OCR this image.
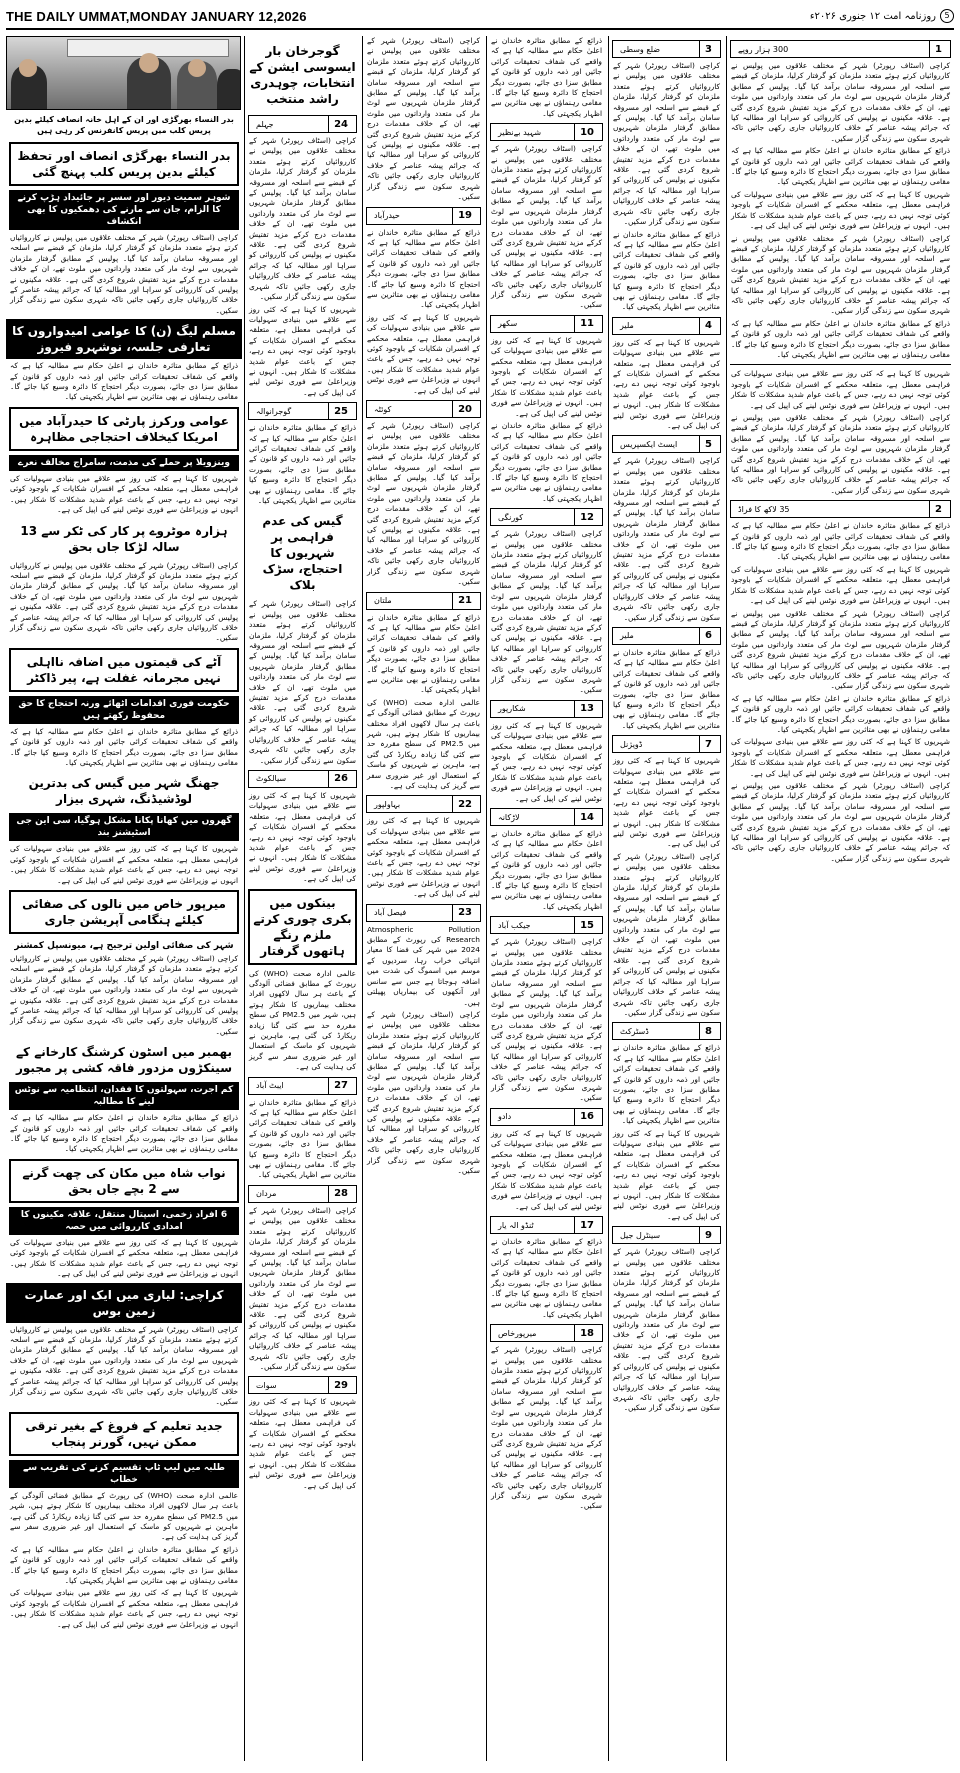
THE DAILY UMMAT,MONDAY JANUARY 12,2026	5
روزنامہ امت ۱۲ جنوری ۲۰۲۶ء
بدر النساء بھرگڑی اور ان کے اہل خانہ انصاف کیلئے بدین پریس کلب میں پریس کانفرنس کر رہی ہیں
بدر النساء بھرگڑی انصاف اور تحفظ کیلئے بدین پریس کلب پہنچ گئی
شوہر سمیت دیور اور سسر پر جائیداد ہڑپ کرنے کا الزام، جان سے مارنے کی دھمکیوں کا بھی انکشاف

کراچی (اسٹاف رپورٹر) شہر کے مختلف علاقوں میں پولیس نے کارروائیاں کرتے ہوئے متعدد ملزمان کو گرفتار کرلیا، ملزمان کے قبضے سے اسلحہ اور مسروقہ سامان برآمد کیا گیا۔ پولیس کے مطابق گرفتار ملزمان شہریوں سے لوٹ مار کی متعدد وارداتوں میں ملوث تھے، ان کے خلاف مقدمات درج کرکے مزید تفتیش شروع کردی گئی ہے۔ علاقہ مکینوں نے پولیس کی کارروائی کو سراہا اور مطالبہ کیا کہ جرائم پیشہ عناصر کے خلاف کارروائیاں جاری رکھی جائیں تاکہ شہری سکون سے زندگی گزار سکیں۔

مسلم لیگ (ن) کا عوامی امیدواروں کا تعارفی جلسہ، نوشہرو فیروز

ذرائع کے مطابق متاثرہ خاندان نے اعلیٰ حکام سے مطالبہ کیا ہے کہ واقعے کی شفاف تحقیقات کرائی جائیں اور ذمہ داروں کو قانون کے مطابق سزا دی جائے، بصورت دیگر احتجاج کا دائرہ وسیع کیا جائے گا۔ مقامی رہنماؤں نے بھی متاثرین سے اظہار یکجہتی کیا۔

عوامی ورکرز پارٹی کا حیدرآباد میں امریکا کیخلاف احتجاجی مظاہرہ
وینزویلا پر حملے کی مذمت، سامراج مخالف نعرے

شہریوں کا کہنا ہے کہ کئی روز سے علاقے میں بنیادی سہولیات کی فراہمی معطل ہے، متعلقہ محکمے کے افسران شکایات کے باوجود کوئی توجہ نہیں دے رہے، جس کے باعث عوام شدید مشکلات کا شکار ہیں۔ انہوں نے وزیراعلیٰ سے فوری نوٹس لینے کی اپیل کی ہے۔

ہزارہ موٹروے پر کار کی ٹکر سے 13 سالہ لڑکا جاں بحق

کراچی (اسٹاف رپورٹر) شہر کے مختلف علاقوں میں پولیس نے کارروائیاں کرتے ہوئے متعدد ملزمان کو گرفتار کرلیا، ملزمان کے قبضے سے اسلحہ اور مسروقہ سامان برآمد کیا گیا۔ پولیس کے مطابق گرفتار ملزمان شہریوں سے لوٹ مار کی متعدد وارداتوں میں ملوث تھے، ان کے خلاف مقدمات درج کرکے مزید تفتیش شروع کردی گئی ہے۔ علاقہ مکینوں نے پولیس کی کارروائی کو سراہا اور مطالبہ کیا کہ جرائم پیشہ عناصر کے خلاف کارروائیاں جاری رکھی جائیں تاکہ شہری سکون سے زندگی گزار سکیں۔

آٹے کی قیمتوں میں اضافہ نااہلی نہیں مجرمانہ غفلت ہے، پیر ڈاکٹر
حکومت فوری اقدامات اٹھائے ورنہ احتجاج کا حق محفوظ رکھتے ہیں

ذرائع کے مطابق متاثرہ خاندان نے اعلیٰ حکام سے مطالبہ کیا ہے کہ واقعے کی شفاف تحقیقات کرائی جائیں اور ذمہ داروں کو قانون کے مطابق سزا دی جائے، بصورت دیگر احتجاج کا دائرہ وسیع کیا جائے گا۔ مقامی رہنماؤں نے بھی متاثرین سے اظہار یکجہتی کیا۔

جھنگ شہر میں گیس کی بدترین لوڈشیڈنگ، شہری بیزار
گھروں میں کھانا پکانا مشکل ہوگیا، سی این جی اسٹیشنز بند

شہریوں کا کہنا ہے کہ کئی روز سے علاقے میں بنیادی سہولیات کی فراہمی معطل ہے، متعلقہ محکمے کے افسران شکایات کے باوجود کوئی توجہ نہیں دے رہے، جس کے باعث عوام شدید مشکلات کا شکار ہیں۔ انہوں نے وزیراعلیٰ سے فوری نوٹس لینے کی اپیل کی ہے۔

میرپور خاص میں نالوں کی صفائی کیلئے ہنگامی آپریشن جاری
شہر کی صفائی اولین ترجیح ہے، میونسپل کمشنر

کراچی (اسٹاف رپورٹر) شہر کے مختلف علاقوں میں پولیس نے کارروائیاں کرتے ہوئے متعدد ملزمان کو گرفتار کرلیا، ملزمان کے قبضے سے اسلحہ اور مسروقہ سامان برآمد کیا گیا۔ پولیس کے مطابق گرفتار ملزمان شہریوں سے لوٹ مار کی متعدد وارداتوں میں ملوث تھے، ان کے خلاف مقدمات درج کرکے مزید تفتیش شروع کردی گئی ہے۔ علاقہ مکینوں نے پولیس کی کارروائی کو سراہا اور مطالبہ کیا کہ جرائم پیشہ عناصر کے خلاف کارروائیاں جاری رکھی جائیں تاکہ شہری سکون سے زندگی گزار سکیں۔

بھمبر میں اسٹون کرشنگ کارخانے کے سینکڑوں مزدور فاقہ کشی پر مجبور
کم اجرت، سہولتوں کا فقدان، انتظامیہ سے نوٹس لینے کا مطالبہ

ذرائع کے مطابق متاثرہ خاندان نے اعلیٰ حکام سے مطالبہ کیا ہے کہ واقعے کی شفاف تحقیقات کرائی جائیں اور ذمہ داروں کو قانون کے مطابق سزا دی جائے، بصورت دیگر احتجاج کا دائرہ وسیع کیا جائے گا۔ مقامی رہنماؤں نے بھی متاثرین سے اظہار یکجہتی کیا۔

نواب شاہ میں مکان کی چھت گرنے سے 2 بچے جاں بحق
6 افراد زخمی، اسپتال منتقل، علاقہ مکینوں کا امدادی کارروائی میں حصہ

شہریوں کا کہنا ہے کہ کئی روز سے علاقے میں بنیادی سہولیات کی فراہمی معطل ہے، متعلقہ محکمے کے افسران شکایات کے باوجود کوئی توجہ نہیں دے رہے، جس کے باعث عوام شدید مشکلات کا شکار ہیں۔ انہوں نے وزیراعلیٰ سے فوری نوٹس لینے کی اپیل کی ہے۔

کراچی: لیاری میں ایک اور عمارت زمین بوس

کراچی (اسٹاف رپورٹر) شہر کے مختلف علاقوں میں پولیس نے کارروائیاں کرتے ہوئے متعدد ملزمان کو گرفتار کرلیا، ملزمان کے قبضے سے اسلحہ اور مسروقہ سامان برآمد کیا گیا۔ پولیس کے مطابق گرفتار ملزمان شہریوں سے لوٹ مار کی متعدد وارداتوں میں ملوث تھے، ان کے خلاف مقدمات درج کرکے مزید تفتیش شروع کردی گئی ہے۔ علاقہ مکینوں نے پولیس کی کارروائی کو سراہا اور مطالبہ کیا کہ جرائم پیشہ عناصر کے خلاف کارروائیاں جاری رکھی جائیں تاکہ شہری سکون سے زندگی گزار سکیں۔

جدید تعلیم کے فروغ کے بغیر ترقی ممکن نہیں، گورنر پنجاب
طلبہ میں لیپ ٹاپ تقسیم کرنے کی تقریب سے خطاب

عالمی ادارہ صحت (WHO) کی رپورٹ کے مطابق فضائی آلودگی کے باعث ہر سال لاکھوں افراد مختلف بیماریوں کا شکار ہوتے ہیں، شہر میں PM2.5 کی سطح مقررہ حد سے کئی گنا زیادہ ریکارڈ کی گئی ہے، ماہرین نے شہریوں کو ماسک کے استعمال اور غیر ضروری سفر سے گریز کی ہدایت کی ہے۔

ذرائع کے مطابق متاثرہ خاندان نے اعلیٰ حکام سے مطالبہ کیا ہے کہ واقعے کی شفاف تحقیقات کرائی جائیں اور ذمہ داروں کو قانون کے مطابق سزا دی جائے، بصورت دیگر احتجاج کا دائرہ وسیع کیا جائے گا۔ مقامی رہنماؤں نے بھی متاثرین سے اظہار یکجہتی کیا۔

شہریوں کا کہنا ہے کہ کئی روز سے علاقے میں بنیادی سہولیات کی فراہمی معطل ہے، متعلقہ محکمے کے افسران شکایات کے باوجود کوئی توجہ نہیں دے رہے، جس کے باعث عوام شدید مشکلات کا شکار ہیں۔ انہوں نے وزیراعلیٰ سے فوری نوٹس لینے کی اپیل کی ہے۔

گوجرخان بار ایسوسی ایشن کے انتخابات، چوہدری راشد منتخب
24
جہلم

کراچی (اسٹاف رپورٹر) شہر کے مختلف علاقوں میں پولیس نے کارروائیاں کرتے ہوئے متعدد ملزمان کو گرفتار کرلیا، ملزمان کے قبضے سے اسلحہ اور مسروقہ سامان برآمد کیا گیا۔ پولیس کے مطابق گرفتار ملزمان شہریوں سے لوٹ مار کی متعدد وارداتوں میں ملوث تھے، ان کے خلاف مقدمات درج کرکے مزید تفتیش شروع کردی گئی ہے۔ علاقہ مکینوں نے پولیس کی کارروائی کو سراہا اور مطالبہ کیا کہ جرائم پیشہ عناصر کے خلاف کارروائیاں جاری رکھی جائیں تاکہ شہری سکون سے زندگی گزار سکیں۔

شہریوں کا کہنا ہے کہ کئی روز سے علاقے میں بنیادی سہولیات کی فراہمی معطل ہے، متعلقہ محکمے کے افسران شکایات کے باوجود کوئی توجہ نہیں دے رہے، جس کے باعث عوام شدید مشکلات کا شکار ہیں۔ انہوں نے وزیراعلیٰ سے فوری نوٹس لینے کی اپیل کی ہے۔

25
گوجرانوالہ

ذرائع کے مطابق متاثرہ خاندان نے اعلیٰ حکام سے مطالبہ کیا ہے کہ واقعے کی شفاف تحقیقات کرائی جائیں اور ذمہ داروں کو قانون کے مطابق سزا دی جائے، بصورت دیگر احتجاج کا دائرہ وسیع کیا جائے گا۔ مقامی رہنماؤں نے بھی متاثرین سے اظہار یکجہتی کیا۔

گیس کی عدم فراہمی پر شہریوں کا احتجاج، سڑک بلاک

کراچی (اسٹاف رپورٹر) شہر کے مختلف علاقوں میں پولیس نے کارروائیاں کرتے ہوئے متعدد ملزمان کو گرفتار کرلیا، ملزمان کے قبضے سے اسلحہ اور مسروقہ سامان برآمد کیا گیا۔ پولیس کے مطابق گرفتار ملزمان شہریوں سے لوٹ مار کی متعدد وارداتوں میں ملوث تھے، ان کے خلاف مقدمات درج کرکے مزید تفتیش شروع کردی گئی ہے۔ علاقہ مکینوں نے پولیس کی کارروائی کو سراہا اور مطالبہ کیا کہ جرائم پیشہ عناصر کے خلاف کارروائیاں جاری رکھی جائیں تاکہ شہری سکون سے زندگی گزار سکیں۔

26
سیالکوٹ

شہریوں کا کہنا ہے کہ کئی روز سے علاقے میں بنیادی سہولیات کی فراہمی معطل ہے، متعلقہ محکمے کے افسران شکایات کے باوجود کوئی توجہ نہیں دے رہے، جس کے باعث عوام شدید مشکلات کا شکار ہیں۔ انہوں نے وزیراعلیٰ سے فوری نوٹس لینے کی اپیل کی ہے۔

بینکوں میں بکری چوری کرتے ملزم رنگے ہاتھوں گرفتار

عالمی ادارہ صحت (WHO) کی رپورٹ کے مطابق فضائی آلودگی کے باعث ہر سال لاکھوں افراد مختلف بیماریوں کا شکار ہوتے ہیں، شہر میں PM2.5 کی سطح مقررہ حد سے کئی گنا زیادہ ریکارڈ کی گئی ہے، ماہرین نے شہریوں کو ماسک کے استعمال اور غیر ضروری سفر سے گریز کی ہدایت کی ہے۔

27
ایبٹ آباد

ذرائع کے مطابق متاثرہ خاندان نے اعلیٰ حکام سے مطالبہ کیا ہے کہ واقعے کی شفاف تحقیقات کرائی جائیں اور ذمہ داروں کو قانون کے مطابق سزا دی جائے، بصورت دیگر احتجاج کا دائرہ وسیع کیا جائے گا۔ مقامی رہنماؤں نے بھی متاثرین سے اظہار یکجہتی کیا۔

28
مردان

کراچی (اسٹاف رپورٹر) شہر کے مختلف علاقوں میں پولیس نے کارروائیاں کرتے ہوئے متعدد ملزمان کو گرفتار کرلیا، ملزمان کے قبضے سے اسلحہ اور مسروقہ سامان برآمد کیا گیا۔ پولیس کے مطابق گرفتار ملزمان شہریوں سے لوٹ مار کی متعدد وارداتوں میں ملوث تھے، ان کے خلاف مقدمات درج کرکے مزید تفتیش شروع کردی گئی ہے۔ علاقہ مکینوں نے پولیس کی کارروائی کو سراہا اور مطالبہ کیا کہ جرائم پیشہ عناصر کے خلاف کارروائیاں جاری رکھی جائیں تاکہ شہری سکون سے زندگی گزار سکیں۔

29
سوات

شہریوں کا کہنا ہے کہ کئی روز سے علاقے میں بنیادی سہولیات کی فراہمی معطل ہے، متعلقہ محکمے کے افسران شکایات کے باوجود کوئی توجہ نہیں دے رہے، جس کے باعث عوام شدید مشکلات کا شکار ہیں۔ انہوں نے وزیراعلیٰ سے فوری نوٹس لینے کی اپیل کی ہے۔

کراچی (اسٹاف رپورٹر) شہر کے مختلف علاقوں میں پولیس نے کارروائیاں کرتے ہوئے متعدد ملزمان کو گرفتار کرلیا، ملزمان کے قبضے سے اسلحہ اور مسروقہ سامان برآمد کیا گیا۔ پولیس کے مطابق گرفتار ملزمان شہریوں سے لوٹ مار کی متعدد وارداتوں میں ملوث تھے، ان کے خلاف مقدمات درج کرکے مزید تفتیش شروع کردی گئی ہے۔ علاقہ مکینوں نے پولیس کی کارروائی کو سراہا اور مطالبہ کیا کہ جرائم پیشہ عناصر کے خلاف کارروائیاں جاری رکھی جائیں تاکہ شہری سکون سے زندگی گزار سکیں۔

19
حیدرآباد

ذرائع کے مطابق متاثرہ خاندان نے اعلیٰ حکام سے مطالبہ کیا ہے کہ واقعے کی شفاف تحقیقات کرائی جائیں اور ذمہ داروں کو قانون کے مطابق سزا دی جائے، بصورت دیگر احتجاج کا دائرہ وسیع کیا جائے گا۔ مقامی رہنماؤں نے بھی متاثرین سے اظہار یکجہتی کیا۔

شہریوں کا کہنا ہے کہ کئی روز سے علاقے میں بنیادی سہولیات کی فراہمی معطل ہے، متعلقہ محکمے کے افسران شکایات کے باوجود کوئی توجہ نہیں دے رہے، جس کے باعث عوام شدید مشکلات کا شکار ہیں۔ انہوں نے وزیراعلیٰ سے فوری نوٹس لینے کی اپیل کی ہے۔

20
کوئٹہ

کراچی (اسٹاف رپورٹر) شہر کے مختلف علاقوں میں پولیس نے کارروائیاں کرتے ہوئے متعدد ملزمان کو گرفتار کرلیا، ملزمان کے قبضے سے اسلحہ اور مسروقہ سامان برآمد کیا گیا۔ پولیس کے مطابق گرفتار ملزمان شہریوں سے لوٹ مار کی متعدد وارداتوں میں ملوث تھے، ان کے خلاف مقدمات درج کرکے مزید تفتیش شروع کردی گئی ہے۔ علاقہ مکینوں نے پولیس کی کارروائی کو سراہا اور مطالبہ کیا کہ جرائم پیشہ عناصر کے خلاف کارروائیاں جاری رکھی جائیں تاکہ شہری سکون سے زندگی گزار سکیں۔

21
ملتان

ذرائع کے مطابق متاثرہ خاندان نے اعلیٰ حکام سے مطالبہ کیا ہے کہ واقعے کی شفاف تحقیقات کرائی جائیں اور ذمہ داروں کو قانون کے مطابق سزا دی جائے، بصورت دیگر احتجاج کا دائرہ وسیع کیا جائے گا۔ مقامی رہنماؤں نے بھی متاثرین سے اظہار یکجہتی کیا۔

عالمی ادارہ صحت (WHO) کی رپورٹ کے مطابق فضائی آلودگی کے باعث ہر سال لاکھوں افراد مختلف بیماریوں کا شکار ہوتے ہیں، شہر میں PM2.5 کی سطح مقررہ حد سے کئی گنا زیادہ ریکارڈ کی گئی ہے، ماہرین نے شہریوں کو ماسک کے استعمال اور غیر ضروری سفر سے گریز کی ہدایت کی ہے۔

22
بہاولپور

شہریوں کا کہنا ہے کہ کئی روز سے علاقے میں بنیادی سہولیات کی فراہمی معطل ہے، متعلقہ محکمے کے افسران شکایات کے باوجود کوئی توجہ نہیں دے رہے، جس کے باعث عوام شدید مشکلات کا شکار ہیں۔ انہوں نے وزیراعلیٰ سے فوری نوٹس لینے کی اپیل کی ہے۔

23
فیصل آباد

Atmospheric Pollution Research کی رپورٹ کے مطابق 2024 میں شہر کی فضا کا معیار انتہائی خراب رہا، سردیوں کے موسم میں اسموگ کی شدت میں اضافہ ہوجاتا ہے جس سے سانس اور آنکھوں کی بیماریاں پھیلتی ہیں۔

کراچی (اسٹاف رپورٹر) شہر کے مختلف علاقوں میں پولیس نے کارروائیاں کرتے ہوئے متعدد ملزمان کو گرفتار کرلیا، ملزمان کے قبضے سے اسلحہ اور مسروقہ سامان برآمد کیا گیا۔ پولیس کے مطابق گرفتار ملزمان شہریوں سے لوٹ مار کی متعدد وارداتوں میں ملوث تھے، ان کے خلاف مقدمات درج کرکے مزید تفتیش شروع کردی گئی ہے۔ علاقہ مکینوں نے پولیس کی کارروائی کو سراہا اور مطالبہ کیا کہ جرائم پیشہ عناصر کے خلاف کارروائیاں جاری رکھی جائیں تاکہ شہری سکون سے زندگی گزار سکیں۔

ذرائع کے مطابق متاثرہ خاندان نے اعلیٰ حکام سے مطالبہ کیا ہے کہ واقعے کی شفاف تحقیقات کرائی جائیں اور ذمہ داروں کو قانون کے مطابق سزا دی جائے، بصورت دیگر احتجاج کا دائرہ وسیع کیا جائے گا۔ مقامی رہنماؤں نے بھی متاثرین سے اظہار یکجہتی کیا۔

10
شہید بےنظیر

کراچی (اسٹاف رپورٹر) شہر کے مختلف علاقوں میں پولیس نے کارروائیاں کرتے ہوئے متعدد ملزمان کو گرفتار کرلیا، ملزمان کے قبضے سے اسلحہ اور مسروقہ سامان برآمد کیا گیا۔ پولیس کے مطابق گرفتار ملزمان شہریوں سے لوٹ مار کی متعدد وارداتوں میں ملوث تھے، ان کے خلاف مقدمات درج کرکے مزید تفتیش شروع کردی گئی ہے۔ علاقہ مکینوں نے پولیس کی کارروائی کو سراہا اور مطالبہ کیا کہ جرائم پیشہ عناصر کے خلاف کارروائیاں جاری رکھی جائیں تاکہ شہری سکون سے زندگی گزار سکیں۔

11
سکھر

شہریوں کا کہنا ہے کہ کئی روز سے علاقے میں بنیادی سہولیات کی فراہمی معطل ہے، متعلقہ محکمے کے افسران شکایات کے باوجود کوئی توجہ نہیں دے رہے، جس کے باعث عوام شدید مشکلات کا شکار ہیں۔ انہوں نے وزیراعلیٰ سے فوری نوٹس لینے کی اپیل کی ہے۔

ذرائع کے مطابق متاثرہ خاندان نے اعلیٰ حکام سے مطالبہ کیا ہے کہ واقعے کی شفاف تحقیقات کرائی جائیں اور ذمہ داروں کو قانون کے مطابق سزا دی جائے، بصورت دیگر احتجاج کا دائرہ وسیع کیا جائے گا۔ مقامی رہنماؤں نے بھی متاثرین سے اظہار یکجہتی کیا۔

12
کورنگی

کراچی (اسٹاف رپورٹر) شہر کے مختلف علاقوں میں پولیس نے کارروائیاں کرتے ہوئے متعدد ملزمان کو گرفتار کرلیا، ملزمان کے قبضے سے اسلحہ اور مسروقہ سامان برآمد کیا گیا۔ پولیس کے مطابق گرفتار ملزمان شہریوں سے لوٹ مار کی متعدد وارداتوں میں ملوث تھے، ان کے خلاف مقدمات درج کرکے مزید تفتیش شروع کردی گئی ہے۔ علاقہ مکینوں نے پولیس کی کارروائی کو سراہا اور مطالبہ کیا کہ جرائم پیشہ عناصر کے خلاف کارروائیاں جاری رکھی جائیں تاکہ شہری سکون سے زندگی گزار سکیں۔

13
شکارپور

شہریوں کا کہنا ہے کہ کئی روز سے علاقے میں بنیادی سہولیات کی فراہمی معطل ہے، متعلقہ محکمے کے افسران شکایات کے باوجود کوئی توجہ نہیں دے رہے، جس کے باعث عوام شدید مشکلات کا شکار ہیں۔ انہوں نے وزیراعلیٰ سے فوری نوٹس لینے کی اپیل کی ہے۔

14
لاڑکانہ

ذرائع کے مطابق متاثرہ خاندان نے اعلیٰ حکام سے مطالبہ کیا ہے کہ واقعے کی شفاف تحقیقات کرائی جائیں اور ذمہ داروں کو قانون کے مطابق سزا دی جائے، بصورت دیگر احتجاج کا دائرہ وسیع کیا جائے گا۔ مقامی رہنماؤں نے بھی متاثرین سے اظہار یکجہتی کیا۔

15
جیکب آباد

کراچی (اسٹاف رپورٹر) شہر کے مختلف علاقوں میں پولیس نے کارروائیاں کرتے ہوئے متعدد ملزمان کو گرفتار کرلیا، ملزمان کے قبضے سے اسلحہ اور مسروقہ سامان برآمد کیا گیا۔ پولیس کے مطابق گرفتار ملزمان شہریوں سے لوٹ مار کی متعدد وارداتوں میں ملوث تھے، ان کے خلاف مقدمات درج کرکے مزید تفتیش شروع کردی گئی ہے۔ علاقہ مکینوں نے پولیس کی کارروائی کو سراہا اور مطالبہ کیا کہ جرائم پیشہ عناصر کے خلاف کارروائیاں جاری رکھی جائیں تاکہ شہری سکون سے زندگی گزار سکیں۔

16
دادو

شہریوں کا کہنا ہے کہ کئی روز سے علاقے میں بنیادی سہولیات کی فراہمی معطل ہے، متعلقہ محکمے کے افسران شکایات کے باوجود کوئی توجہ نہیں دے رہے، جس کے باعث عوام شدید مشکلات کا شکار ہیں۔ انہوں نے وزیراعلیٰ سے فوری نوٹس لینے کی اپیل کی ہے۔

17
ٹنڈو الہ یار

ذرائع کے مطابق متاثرہ خاندان نے اعلیٰ حکام سے مطالبہ کیا ہے کہ واقعے کی شفاف تحقیقات کرائی جائیں اور ذمہ داروں کو قانون کے مطابق سزا دی جائے، بصورت دیگر احتجاج کا دائرہ وسیع کیا جائے گا۔ مقامی رہنماؤں نے بھی متاثرین سے اظہار یکجہتی کیا۔

18
میرپورخاص

کراچی (اسٹاف رپورٹر) شہر کے مختلف علاقوں میں پولیس نے کارروائیاں کرتے ہوئے متعدد ملزمان کو گرفتار کرلیا، ملزمان کے قبضے سے اسلحہ اور مسروقہ سامان برآمد کیا گیا۔ پولیس کے مطابق گرفتار ملزمان شہریوں سے لوٹ مار کی متعدد وارداتوں میں ملوث تھے، ان کے خلاف مقدمات درج کرکے مزید تفتیش شروع کردی گئی ہے۔ علاقہ مکینوں نے پولیس کی کارروائی کو سراہا اور مطالبہ کیا کہ جرائم پیشہ عناصر کے خلاف کارروائیاں جاری رکھی جائیں تاکہ شہری سکون سے زندگی گزار سکیں۔

3
ضلع وسطی

کراچی (اسٹاف رپورٹر) شہر کے مختلف علاقوں میں پولیس نے کارروائیاں کرتے ہوئے متعدد ملزمان کو گرفتار کرلیا، ملزمان کے قبضے سے اسلحہ اور مسروقہ سامان برآمد کیا گیا۔ پولیس کے مطابق گرفتار ملزمان شہریوں سے لوٹ مار کی متعدد وارداتوں میں ملوث تھے، ان کے خلاف مقدمات درج کرکے مزید تفتیش شروع کردی گئی ہے۔ علاقہ مکینوں نے پولیس کی کارروائی کو سراہا اور مطالبہ کیا کہ جرائم پیشہ عناصر کے خلاف کارروائیاں جاری رکھی جائیں تاکہ شہری سکون سے زندگی گزار سکیں۔

ذرائع کے مطابق متاثرہ خاندان نے اعلیٰ حکام سے مطالبہ کیا ہے کہ واقعے کی شفاف تحقیقات کرائی جائیں اور ذمہ داروں کو قانون کے مطابق سزا دی جائے، بصورت دیگر احتجاج کا دائرہ وسیع کیا جائے گا۔ مقامی رہنماؤں نے بھی متاثرین سے اظہار یکجہتی کیا۔

4
ملیر

شہریوں کا کہنا ہے کہ کئی روز سے علاقے میں بنیادی سہولیات کی فراہمی معطل ہے، متعلقہ محکمے کے افسران شکایات کے باوجود کوئی توجہ نہیں دے رہے، جس کے باعث عوام شدید مشکلات کا شکار ہیں۔ انہوں نے وزیراعلیٰ سے فوری نوٹس لینے کی اپیل کی ہے۔

5
ایسٹ ایکسپریس

کراچی (اسٹاف رپورٹر) شہر کے مختلف علاقوں میں پولیس نے کارروائیاں کرتے ہوئے متعدد ملزمان کو گرفتار کرلیا، ملزمان کے قبضے سے اسلحہ اور مسروقہ سامان برآمد کیا گیا۔ پولیس کے مطابق گرفتار ملزمان شہریوں سے لوٹ مار کی متعدد وارداتوں میں ملوث تھے، ان کے خلاف مقدمات درج کرکے مزید تفتیش شروع کردی گئی ہے۔ علاقہ مکینوں نے پولیس کی کارروائی کو سراہا اور مطالبہ کیا کہ جرائم پیشہ عناصر کے خلاف کارروائیاں جاری رکھی جائیں تاکہ شہری سکون سے زندگی گزار سکیں۔

6
ملیر

ذرائع کے مطابق متاثرہ خاندان نے اعلیٰ حکام سے مطالبہ کیا ہے کہ واقعے کی شفاف تحقیقات کرائی جائیں اور ذمہ داروں کو قانون کے مطابق سزا دی جائے، بصورت دیگر احتجاج کا دائرہ وسیع کیا جائے گا۔ مقامی رہنماؤں نے بھی متاثرین سے اظہار یکجہتی کیا۔

7
ڈویژنل

شہریوں کا کہنا ہے کہ کئی روز سے علاقے میں بنیادی سہولیات کی فراہمی معطل ہے، متعلقہ محکمے کے افسران شکایات کے باوجود کوئی توجہ نہیں دے رہے، جس کے باعث عوام شدید مشکلات کا شکار ہیں۔ انہوں نے وزیراعلیٰ سے فوری نوٹس لینے کی اپیل کی ہے۔

کراچی (اسٹاف رپورٹر) شہر کے مختلف علاقوں میں پولیس نے کارروائیاں کرتے ہوئے متعدد ملزمان کو گرفتار کرلیا، ملزمان کے قبضے سے اسلحہ اور مسروقہ سامان برآمد کیا گیا۔ پولیس کے مطابق گرفتار ملزمان شہریوں سے لوٹ مار کی متعدد وارداتوں میں ملوث تھے، ان کے خلاف مقدمات درج کرکے مزید تفتیش شروع کردی گئی ہے۔ علاقہ مکینوں نے پولیس کی کارروائی کو سراہا اور مطالبہ کیا کہ جرائم پیشہ عناصر کے خلاف کارروائیاں جاری رکھی جائیں تاکہ شہری سکون سے زندگی گزار سکیں۔

8
ڈسٹرکٹ

ذرائع کے مطابق متاثرہ خاندان نے اعلیٰ حکام سے مطالبہ کیا ہے کہ واقعے کی شفاف تحقیقات کرائی جائیں اور ذمہ داروں کو قانون کے مطابق سزا دی جائے، بصورت دیگر احتجاج کا دائرہ وسیع کیا جائے گا۔ مقامی رہنماؤں نے بھی متاثرین سے اظہار یکجہتی کیا۔

شہریوں کا کہنا ہے کہ کئی روز سے علاقے میں بنیادی سہولیات کی فراہمی معطل ہے، متعلقہ محکمے کے افسران شکایات کے باوجود کوئی توجہ نہیں دے رہے، جس کے باعث عوام شدید مشکلات کا شکار ہیں۔ انہوں نے وزیراعلیٰ سے فوری نوٹس لینے کی اپیل کی ہے۔

9
سینٹرل جیل

کراچی (اسٹاف رپورٹر) شہر کے مختلف علاقوں میں پولیس نے کارروائیاں کرتے ہوئے متعدد ملزمان کو گرفتار کرلیا، ملزمان کے قبضے سے اسلحہ اور مسروقہ سامان برآمد کیا گیا۔ پولیس کے مطابق گرفتار ملزمان شہریوں سے لوٹ مار کی متعدد وارداتوں میں ملوث تھے، ان کے خلاف مقدمات درج کرکے مزید تفتیش شروع کردی گئی ہے۔ علاقہ مکینوں نے پولیس کی کارروائی کو سراہا اور مطالبہ کیا کہ جرائم پیشہ عناصر کے خلاف کارروائیاں جاری رکھی جائیں تاکہ شہری سکون سے زندگی گزار سکیں۔

1
300 ہزار روپے

کراچی (اسٹاف رپورٹر) شہر کے مختلف علاقوں میں پولیس نے کارروائیاں کرتے ہوئے متعدد ملزمان کو گرفتار کرلیا، ملزمان کے قبضے سے اسلحہ اور مسروقہ سامان برآمد کیا گیا۔ پولیس کے مطابق گرفتار ملزمان شہریوں سے لوٹ مار کی متعدد وارداتوں میں ملوث تھے، ان کے خلاف مقدمات درج کرکے مزید تفتیش شروع کردی گئی ہے۔ علاقہ مکینوں نے پولیس کی کارروائی کو سراہا اور مطالبہ کیا کہ جرائم پیشہ عناصر کے خلاف کارروائیاں جاری رکھی جائیں تاکہ شہری سکون سے زندگی گزار سکیں۔

ذرائع کے مطابق متاثرہ خاندان نے اعلیٰ حکام سے مطالبہ کیا ہے کہ واقعے کی شفاف تحقیقات کرائی جائیں اور ذمہ داروں کو قانون کے مطابق سزا دی جائے، بصورت دیگر احتجاج کا دائرہ وسیع کیا جائے گا۔ مقامی رہنماؤں نے بھی متاثرین سے اظہار یکجہتی کیا۔

شہریوں کا کہنا ہے کہ کئی روز سے علاقے میں بنیادی سہولیات کی فراہمی معطل ہے، متعلقہ محکمے کے افسران شکایات کے باوجود کوئی توجہ نہیں دے رہے، جس کے باعث عوام شدید مشکلات کا شکار ہیں۔ انہوں نے وزیراعلیٰ سے فوری نوٹس لینے کی اپیل کی ہے۔

کراچی (اسٹاف رپورٹر) شہر کے مختلف علاقوں میں پولیس نے کارروائیاں کرتے ہوئے متعدد ملزمان کو گرفتار کرلیا، ملزمان کے قبضے سے اسلحہ اور مسروقہ سامان برآمد کیا گیا۔ پولیس کے مطابق گرفتار ملزمان شہریوں سے لوٹ مار کی متعدد وارداتوں میں ملوث تھے، ان کے خلاف مقدمات درج کرکے مزید تفتیش شروع کردی گئی ہے۔ علاقہ مکینوں نے پولیس کی کارروائی کو سراہا اور مطالبہ کیا کہ جرائم پیشہ عناصر کے خلاف کارروائیاں جاری رکھی جائیں تاکہ شہری سکون سے زندگی گزار سکیں۔

ذرائع کے مطابق متاثرہ خاندان نے اعلیٰ حکام سے مطالبہ کیا ہے کہ واقعے کی شفاف تحقیقات کرائی جائیں اور ذمہ داروں کو قانون کے مطابق سزا دی جائے، بصورت دیگر احتجاج کا دائرہ وسیع کیا جائے گا۔ مقامی رہنماؤں نے بھی متاثرین سے اظہار یکجہتی کیا۔

شہریوں کا کہنا ہے کہ کئی روز سے علاقے میں بنیادی سہولیات کی فراہمی معطل ہے، متعلقہ محکمے کے افسران شکایات کے باوجود کوئی توجہ نہیں دے رہے، جس کے باعث عوام شدید مشکلات کا شکار ہیں۔ انہوں نے وزیراعلیٰ سے فوری نوٹس لینے کی اپیل کی ہے۔

کراچی (اسٹاف رپورٹر) شہر کے مختلف علاقوں میں پولیس نے کارروائیاں کرتے ہوئے متعدد ملزمان کو گرفتار کرلیا، ملزمان کے قبضے سے اسلحہ اور مسروقہ سامان برآمد کیا گیا۔ پولیس کے مطابق گرفتار ملزمان شہریوں سے لوٹ مار کی متعدد وارداتوں میں ملوث تھے، ان کے خلاف مقدمات درج کرکے مزید تفتیش شروع کردی گئی ہے۔ علاقہ مکینوں نے پولیس کی کارروائی کو سراہا اور مطالبہ کیا کہ جرائم پیشہ عناصر کے خلاف کارروائیاں جاری رکھی جائیں تاکہ شہری سکون سے زندگی گزار سکیں۔

2
35 لاکھ کا فراڈ

ذرائع کے مطابق متاثرہ خاندان نے اعلیٰ حکام سے مطالبہ کیا ہے کہ واقعے کی شفاف تحقیقات کرائی جائیں اور ذمہ داروں کو قانون کے مطابق سزا دی جائے، بصورت دیگر احتجاج کا دائرہ وسیع کیا جائے گا۔ مقامی رہنماؤں نے بھی متاثرین سے اظہار یکجہتی کیا۔

شہریوں کا کہنا ہے کہ کئی روز سے علاقے میں بنیادی سہولیات کی فراہمی معطل ہے، متعلقہ محکمے کے افسران شکایات کے باوجود کوئی توجہ نہیں دے رہے، جس کے باعث عوام شدید مشکلات کا شکار ہیں۔ انہوں نے وزیراعلیٰ سے فوری نوٹس لینے کی اپیل کی ہے۔

کراچی (اسٹاف رپورٹر) شہر کے مختلف علاقوں میں پولیس نے کارروائیاں کرتے ہوئے متعدد ملزمان کو گرفتار کرلیا، ملزمان کے قبضے سے اسلحہ اور مسروقہ سامان برآمد کیا گیا۔ پولیس کے مطابق گرفتار ملزمان شہریوں سے لوٹ مار کی متعدد وارداتوں میں ملوث تھے، ان کے خلاف مقدمات درج کرکے مزید تفتیش شروع کردی گئی ہے۔ علاقہ مکینوں نے پولیس کی کارروائی کو سراہا اور مطالبہ کیا کہ جرائم پیشہ عناصر کے خلاف کارروائیاں جاری رکھی جائیں تاکہ شہری سکون سے زندگی گزار سکیں۔

ذرائع کے مطابق متاثرہ خاندان نے اعلیٰ حکام سے مطالبہ کیا ہے کہ واقعے کی شفاف تحقیقات کرائی جائیں اور ذمہ داروں کو قانون کے مطابق سزا دی جائے، بصورت دیگر احتجاج کا دائرہ وسیع کیا جائے گا۔ مقامی رہنماؤں نے بھی متاثرین سے اظہار یکجہتی کیا۔

شہریوں کا کہنا ہے کہ کئی روز سے علاقے میں بنیادی سہولیات کی فراہمی معطل ہے، متعلقہ محکمے کے افسران شکایات کے باوجود کوئی توجہ نہیں دے رہے، جس کے باعث عوام شدید مشکلات کا شکار ہیں۔ انہوں نے وزیراعلیٰ سے فوری نوٹس لینے کی اپیل کی ہے۔

کراچی (اسٹاف رپورٹر) شہر کے مختلف علاقوں میں پولیس نے کارروائیاں کرتے ہوئے متعدد ملزمان کو گرفتار کرلیا، ملزمان کے قبضے سے اسلحہ اور مسروقہ سامان برآمد کیا گیا۔ پولیس کے مطابق گرفتار ملزمان شہریوں سے لوٹ مار کی متعدد وارداتوں میں ملوث تھے، ان کے خلاف مقدمات درج کرکے مزید تفتیش شروع کردی گئی ہے۔ علاقہ مکینوں نے پولیس کی کارروائی کو سراہا اور مطالبہ کیا کہ جرائم پیشہ عناصر کے خلاف کارروائیاں جاری رکھی جائیں تاکہ شہری سکون سے زندگی گزار سکیں۔
